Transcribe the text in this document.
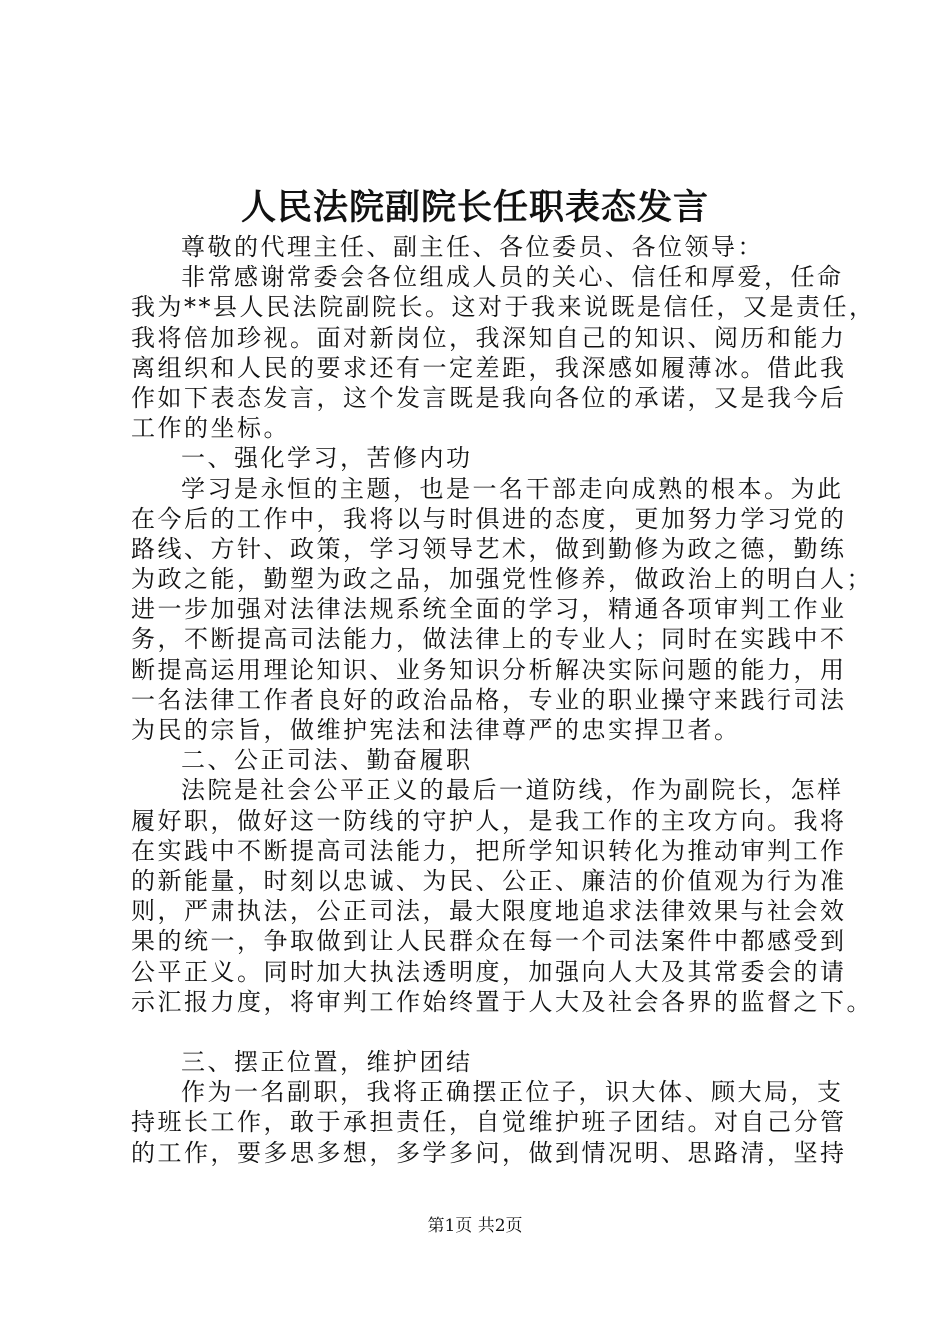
人民法院副院长任职表态发言
尊敬的代理主任、副主任、各位委员、各位领导：
非常感谢常委会各位组成人员的关心、信任和厚爱，任命
我为**县人民法院副院长。这对于我来说既是信任，又是责任，
我将倍加珍视。面对新岗位，我深知自己的知识、阅历和能力
离组织和人民的要求还有一定差距，我深感如履薄冰。借此我
作如下表态发言，这个发言既是我向各位的承诺，又是我今后
工作的坐标。
一、强化学习，苦修内功
学习是永恒的主题，也是一名干部走向成熟的根本。为此
在今后的工作中，我将以与时俱进的态度，更加努力学习党的
路线、方针、政策，学习领导艺术，做到勤修为政之德，勤练
为政之能，勤塑为政之品，加强党性修养，做政治上的明白人；
进一步加强对法律法规系统全面的学习，精通各项审判工作业
务，不断提高司法能力，做法律上的专业人；同时在实践中不
断提高运用理论知识、业务知识分析解决实际问题的能力，用
一名法律工作者良好的政治品格，专业的职业操守来践行司法
为民的宗旨，做维护宪法和法律尊严的忠实捍卫者。
二、公正司法、勤奋履职
法院是社会公平正义的最后一道防线，作为副院长，怎样
履好职，做好这一防线的守护人，是我工作的主攻方向。我将
在实践中不断提高司法能力，把所学知识转化为推动审判工作
的新能量，时刻以忠诚、为民、公正、廉洁的价值观为行为准
则，严肃执法，公正司法，最大限度地追求法律效果与社会效
果的统一，争取做到让人民群众在每一个司法案件中都感受到
公平正义。同时加大执法透明度，加强向人大及其常委会的请
示汇报力度，将审判工作始终置于人大及社会各界的监督之下。
三、摆正位置，维护团结
作为一名副职，我将正确摆正位子，识大体、顾大局，支
持班长工作，敢于承担责任，自觉维护班子团结。对自己分管
的工作，要多思多想，多学多问，做到情况明、思路清，坚持
第1页 共2页
